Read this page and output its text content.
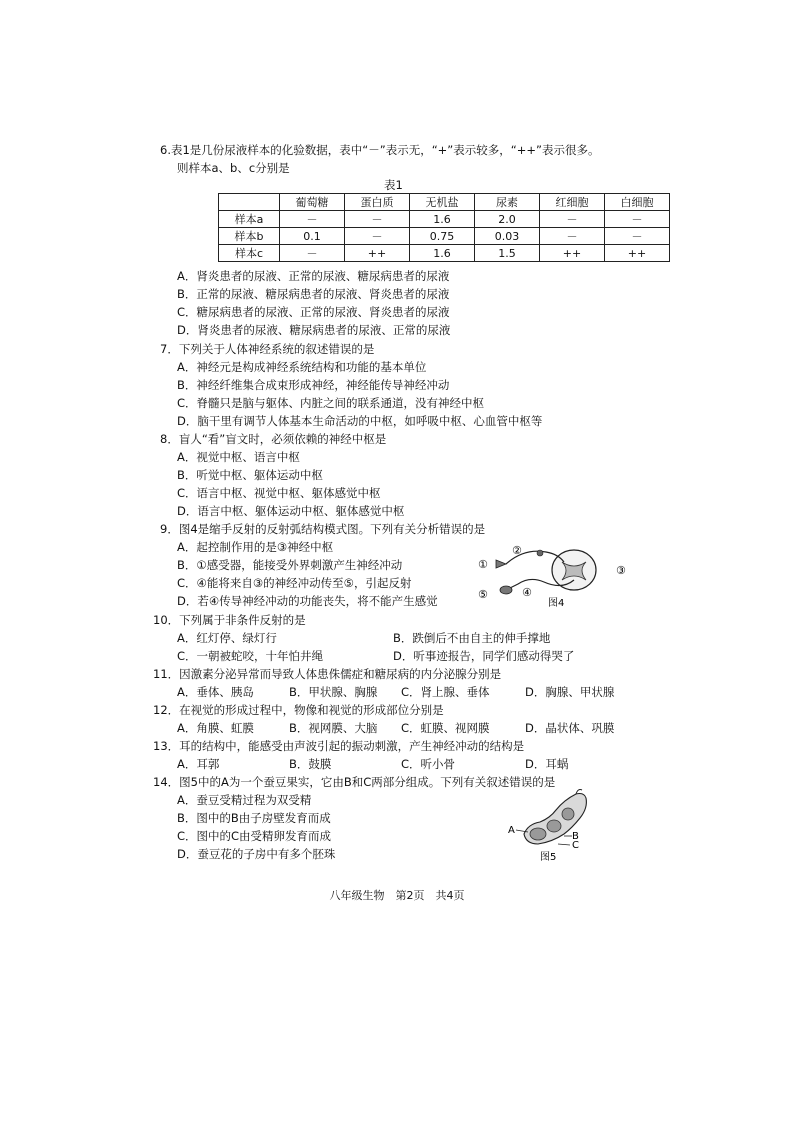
6.表1是几份尿液样本的化验数据，表中“－”表示无，“+”表示较多，“++”表示很多。
则样本a、b、c分别是
表1
	葡萄糖	蛋白质	无机盐	尿素	红细胞	白细胞
样本a	－	－	1.6	2.0	－	－
样本b	0.1	－	0.75	0.03	－	－
样本c	－	++	1.6	1.5	++	++
A．肾炎患者的尿液、正常的尿液、糖尿病患者的尿液
B．正常的尿液、糖尿病患者的尿液、肾炎患者的尿液
C．糖尿病患者的尿液、正常的尿液、肾炎患者的尿液
D．肾炎患者的尿液、糖尿病患者的尿液、正常的尿液
7．下列关于人体神经系统的叙述错误的是
A．神经元是构成神经系统结构和功能的基本单位
B．神经纤维集合成束形成神经，神经能传导神经冲动
C．脊髓只是脑与躯体、内脏之间的联系通道，没有神经中枢
D．脑干里有调节人体基本生命活动的中枢，如呼吸中枢、心血管中枢等
8．盲人“看”盲文时，必须依赖的神经中枢是
A．视觉中枢、语言中枢
B．听觉中枢、躯体运动中枢
C．语言中枢、视觉中枢、躯体感觉中枢
D．语言中枢、躯体运动中枢、躯体感觉中枢
9．图4是缩手反射的反射弧结构模式图。下列有关分析错误的是
A．起控制作用的是③神经中枢
B．①感受器，能接受外界刺激产生神经冲动
C．④能将来自③的神经冲动传至⑤，引起反射
D．若④传导神经冲动的功能丧失，将不能产生感觉
①
②
③
④
⑤
图4
10．下列属于非条件反射的是
A．红灯停、绿灯行	B．跌倒后不由自主的伸手撑地
C．一朝被蛇咬，十年怕井绳	D．听事迹报告，同学们感动得哭了
11．因激素分泌异常而导致人体患侏儒症和糖尿病的内分泌腺分别是
A．垂体、胰岛	B．甲状腺、胸腺 C．肾上腺、垂体	D．胸腺、甲状腺
12．在视觉的形成过程中，物像和视觉的形成部位分别是
A．角膜、虹膜	B．视网膜、大脑 C．虹膜、视网膜	D．晶状体、巩膜
13．耳的结构中，能感受由声波引起的振动刺激，产生神经冲动的结构是
A．耳郭	B．鼓膜	C．听小骨	D．耳蜗
14．图5中的A为一个蚕豆果实，它由B和C两部分组成。下列有关叙述错误的是
A．蚕豆受精过程为双受精
B．图中的B由子房壁发育而成
C．图中的C由受精卵发育而成
D．蚕豆花的子房中有多个胚珠
A
B
C
图5
八年级生物　第2页　共4页
